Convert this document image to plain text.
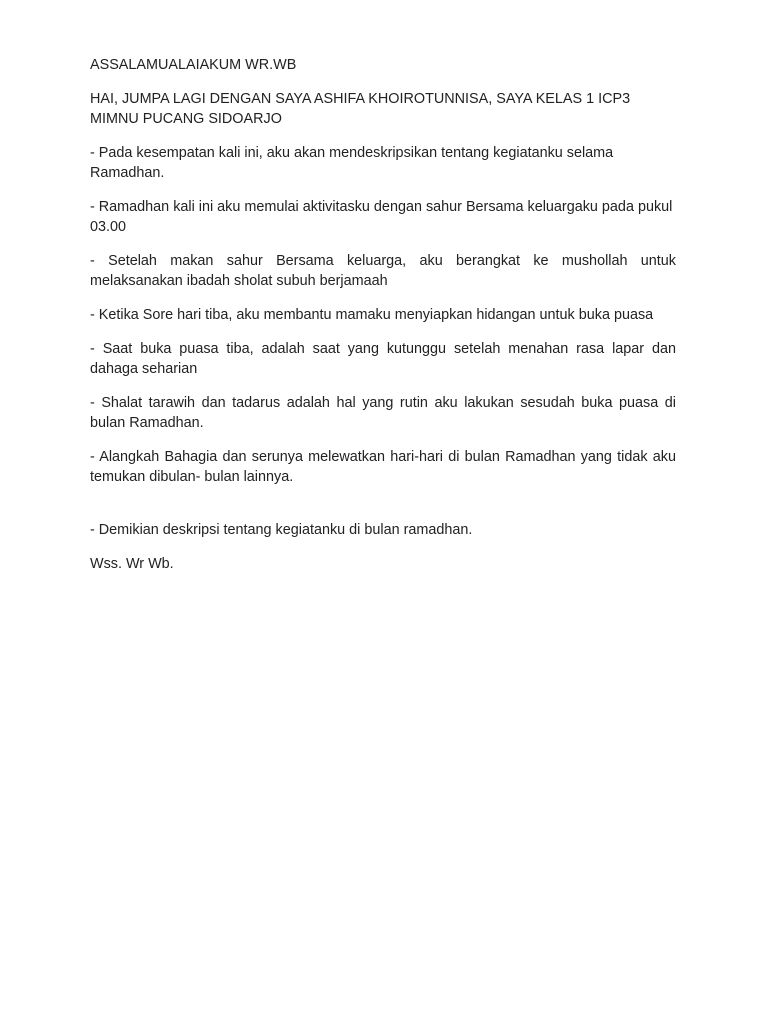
ASSALAMUALAIAKUM WR.WB

HAI, JUMPA LAGI DENGAN SAYA ASHIFA KHOIROTUNNISA, SAYA KELAS 1 ICP3 MIMNU PUCANG SIDOARJO

- Pada kesempatan kali ini, aku akan mendeskripsikan tentang kegiatanku selama Ramadhan.

- Ramadhan kali ini aku memulai aktivitasku dengan sahur Bersama keluargaku pada pukul 03.00

- Setelah makan sahur Bersama keluarga, aku berangkat ke mushollah untuk melaksanakan ibadah sholat subuh berjamaah

- Ketika Sore hari tiba, aku membantu mamaku menyiapkan hidangan untuk buka puasa

- Saat buka puasa tiba, adalah saat yang kutunggu setelah menahan rasa lapar dan dahaga seharian

- Shalat tarawih dan tadarus adalah hal yang rutin aku lakukan sesudah buka puasa di bulan Ramadhan.

- Alangkah Bahagia dan serunya melewatkan hari-hari di bulan Ramadhan yang tidak aku temukan dibulan- bulan lainnya.

- Demikian deskripsi tentang kegiatanku di bulan ramadhan.

Wss. Wr Wb.
